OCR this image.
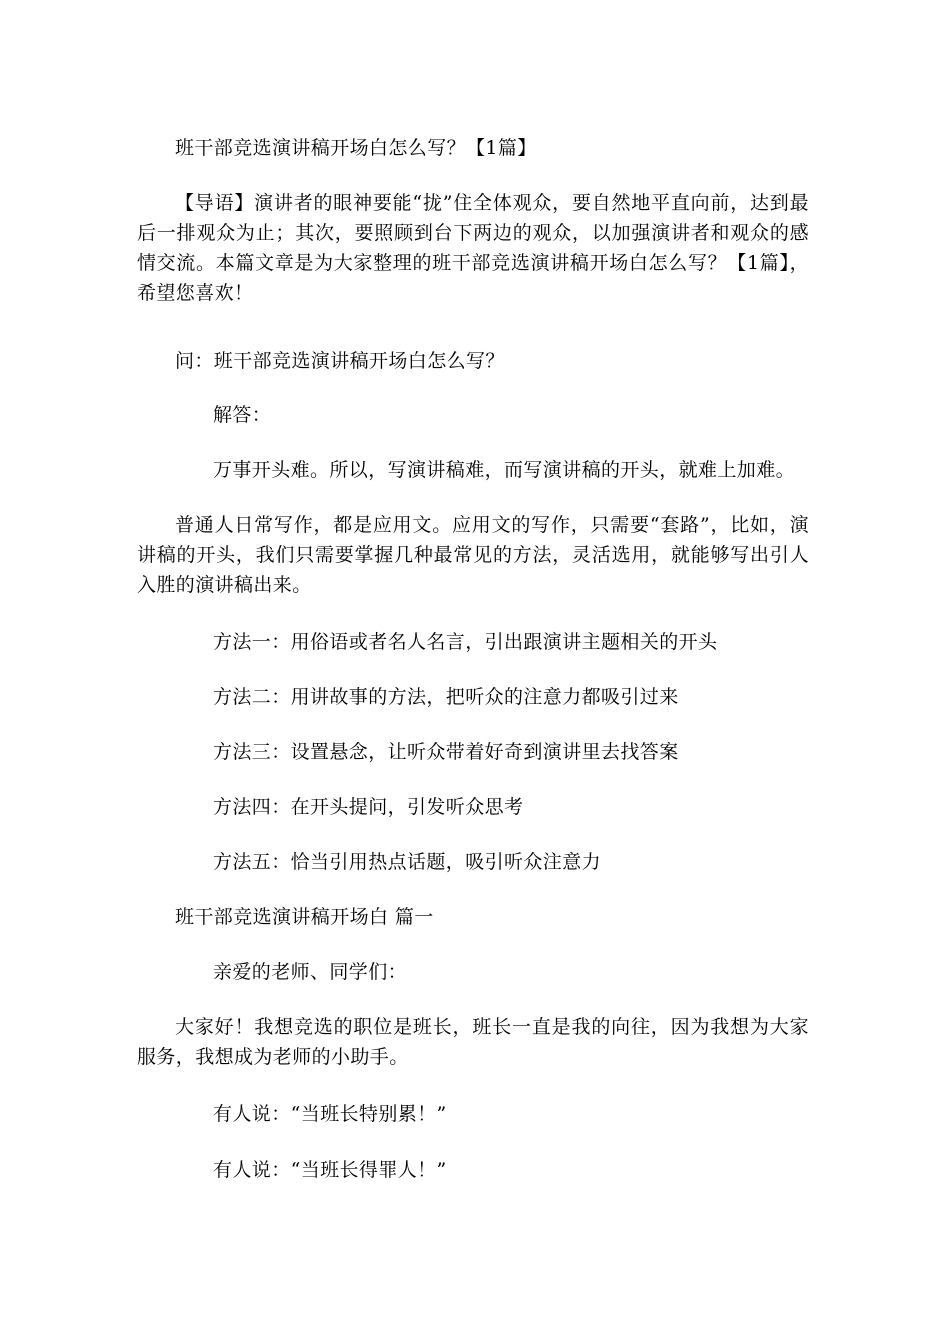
班干部竞选演讲稿开场白怎么写？【1篇】
【导语】演讲者的眼神要能“拢”住全体观众，要自然地平直向前，达到最后一排观众为止；其次，要照顾到台下两边的观众，以加强演讲者和观众的感情交流。本篇文章是为大家整理的班干部竞选演讲稿开场白怎么写？【1篇】，希望您喜欢！
问：班干部竞选演讲稿开场白怎么写？
解答：
万事开头难。所以，写演讲稿难，而写演讲稿的开头，就难上加难。
普通人日常写作，都是应用文。应用文的写作，只需要“套路”，比如，演讲稿的开头，我们只需要掌握几种最常见的方法，灵活选用，就能够写出引人入胜的演讲稿出来。
方法一：用俗语或者名人名言，引出跟演讲主题相关的开头
方法二：用讲故事的方法，把听众的注意力都吸引过来
方法三：设置悬念，让听众带着好奇到演讲里去找答案
方法四：在开头提问，引发听众思考
方法五：恰当引用热点话题，吸引听众注意力
班干部竞选演讲稿开场白 篇一
亲爱的老师、同学们：
大家好！我想竞选的职位是班长，班长一直是我的向往，因为我想为大家服务，我想成为老师的小助手。
有人说：“当班长特别累！”
有人说：“当班长得罪人！”
